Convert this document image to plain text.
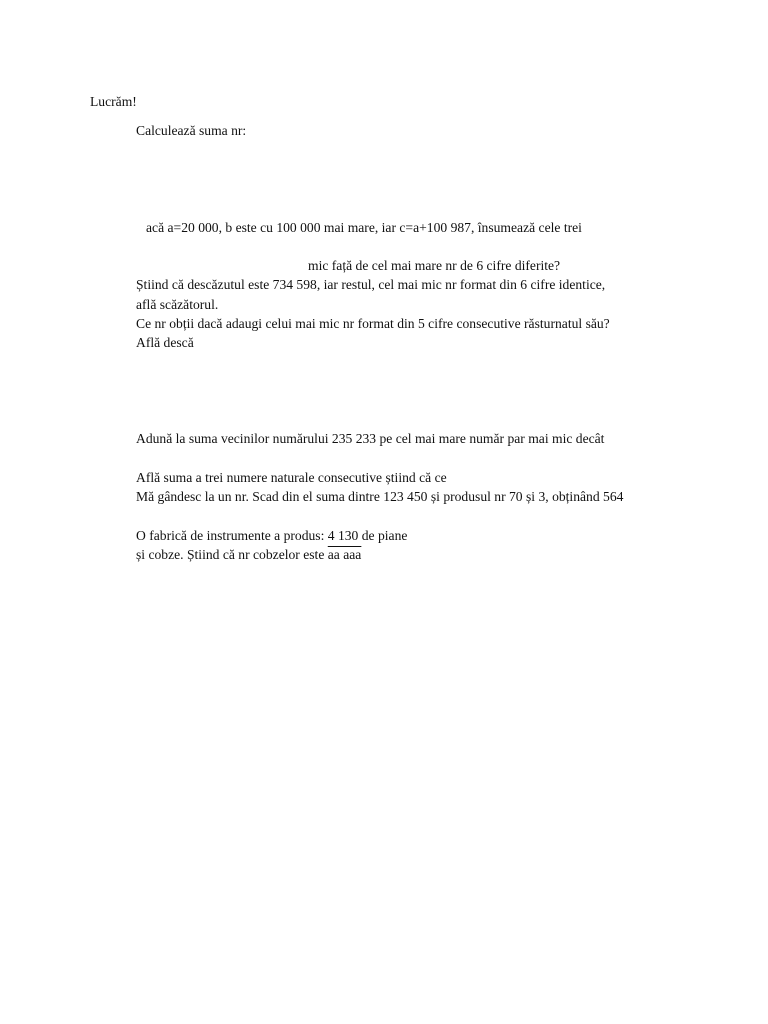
Lucrăm!
Calculează suma nr:
acă a=20 000, b este cu 100 000 mai mare, iar c=a+100 987, însumează cele trei
mic față de cel mai mare nr de 6 cifre diferite?
Știind că descăzutul este 734 598, iar restul, cel mai mic nr format din 6 cifre identice,
află scăzătorul.
Ce nr obții dacă adaugi celui mai mic nr format din 5 cifre consecutive răsturnatul său?
Află descă
Adună la suma vecinilor numărului 235 233 pe cel mai mare număr par mai mic decât
Află suma a trei numere naturale consecutive știind că ce
Mă gândesc la un nr. Scad din el suma dintre 123 450 și produsul nr 70 și 3, obținând 564
O fabrică de instrumente a produs: 4 130 de piane
și cobze. Știind că nr cobzelor este aa aaa
